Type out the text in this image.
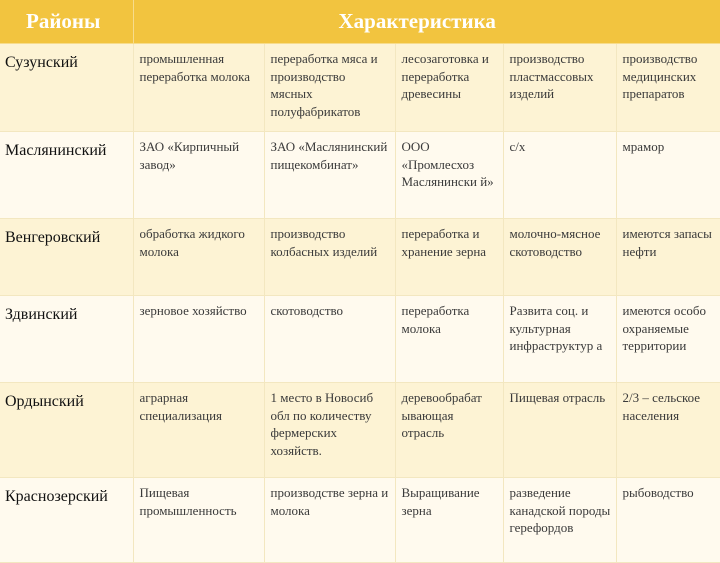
Районы	Характеристика				
Сузунский	промышленная переработка молока	переработка мяса и производство мясных полуфабрикатов	лесозаготовка и переработка древесины	производство пластмассовых изделий	производство медицинских препаратов
Маслянинский	ЗАО «Кирпичный завод»	ЗАО «Маслянинский пищекомбинат»	ООО «Промлесхоз Маслянински й»	с/х	мрамор
Венгеровский	обработка жидкого молока	производство колбасных изделий	переработка и хранение зерна	молочно-мясное скотоводство	имеются запасы нефти
Здвинский	зерновое хозяйство	скотоводство	переработка молока	Развита соц. и культурная инфраструктур а	имеются особо охраняемые территории
Ордынский	аграрная специализация	1 место в Новосиб обл по количеству фермерских хозяйств.	деревообрабат ывающая отрасль	Пищевая отрасль	2/3 – сельское населения
Краснозерский	Пищевая промышленность	производстве зерна и молока	Выращивание зерна	разведение канадской породы герефордов	рыбоводство
